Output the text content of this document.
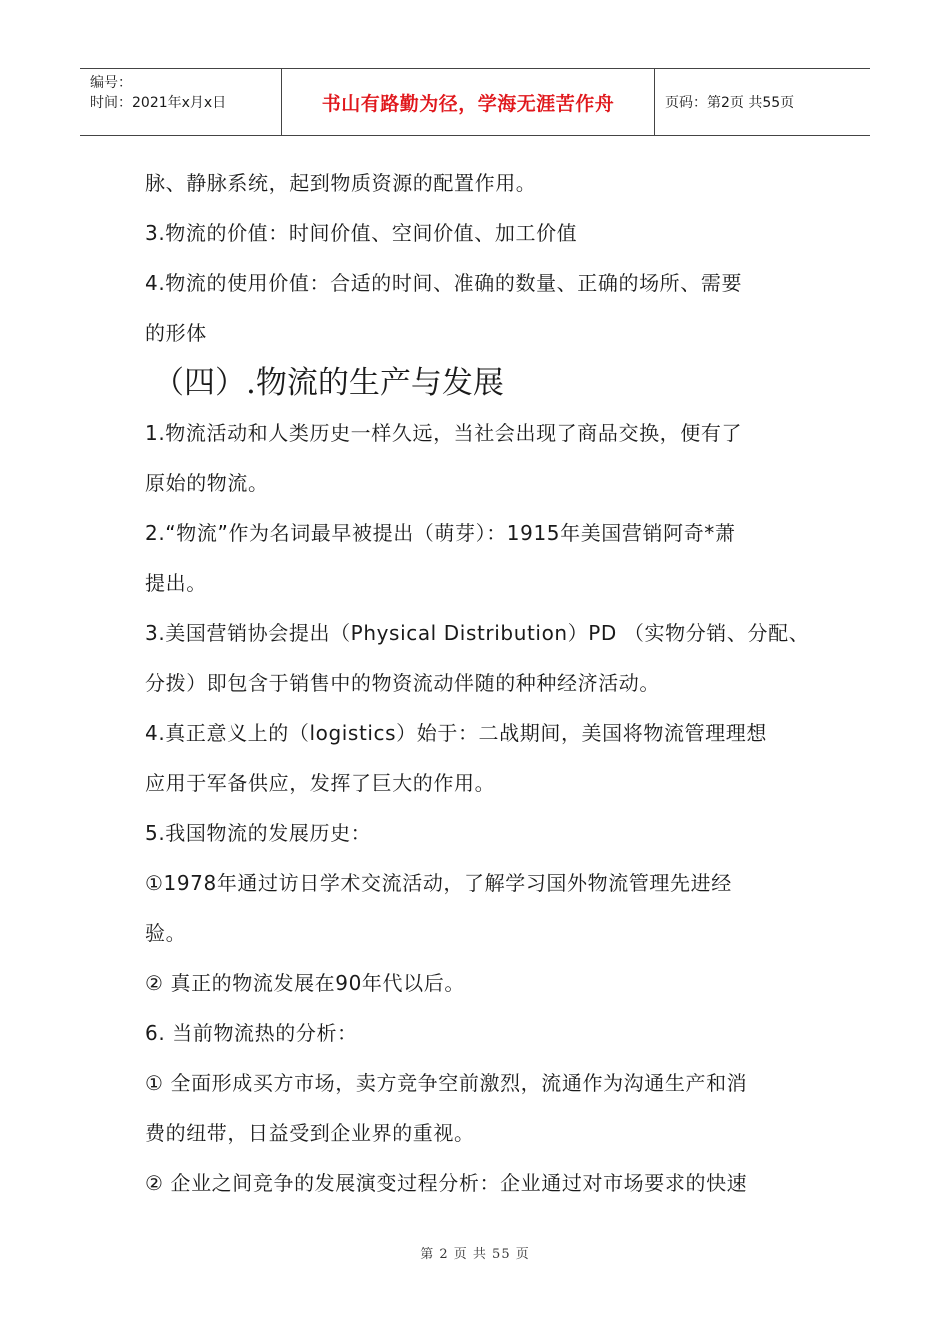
编号：
时间：2021年x月x日	书山有路勤为径，学海无涯苦作舟	页码：第2页 共55页
脉、静脉系统，起到物质资源的配置作用。
3.物流的价值：时间价值、空间价值、加工价值
4.物流的使用价值：合适的时间、准确的数量、正确的场所、需要
的形体
（四）.物流的生产与发展
1.物流活动和人类历史一样久远，当社会出现了商品交换，便有了
原始的物流。
2.“物流”作为名词最早被提出（萌芽）：1915年美国营销阿奇*萧
提出。
3.美国营销协会提出（Physical Distribution）PD （实物分销、分配、
分拨）即包含于销售中的物资流动伴随的种种经济活动。
4.真正意义上的（logistics）始于：二战期间，美国将物流管理理想
应用于军备供应，发挥了巨大的作用。
5.我国物流的发展历史：
①1978年通过访日学术交流活动，了解学习国外物流管理先进经
验。
② 真正的物流发展在90年代以后。
6. 当前物流热的分析：
① 全面形成买方市场，卖方竞争空前激烈，流通作为沟通生产和消
费的纽带，日益受到企业界的重视。
② 企业之间竞争的发展演变过程分析：企业通过对市场要求的快速
第 2 页 共 55 页
